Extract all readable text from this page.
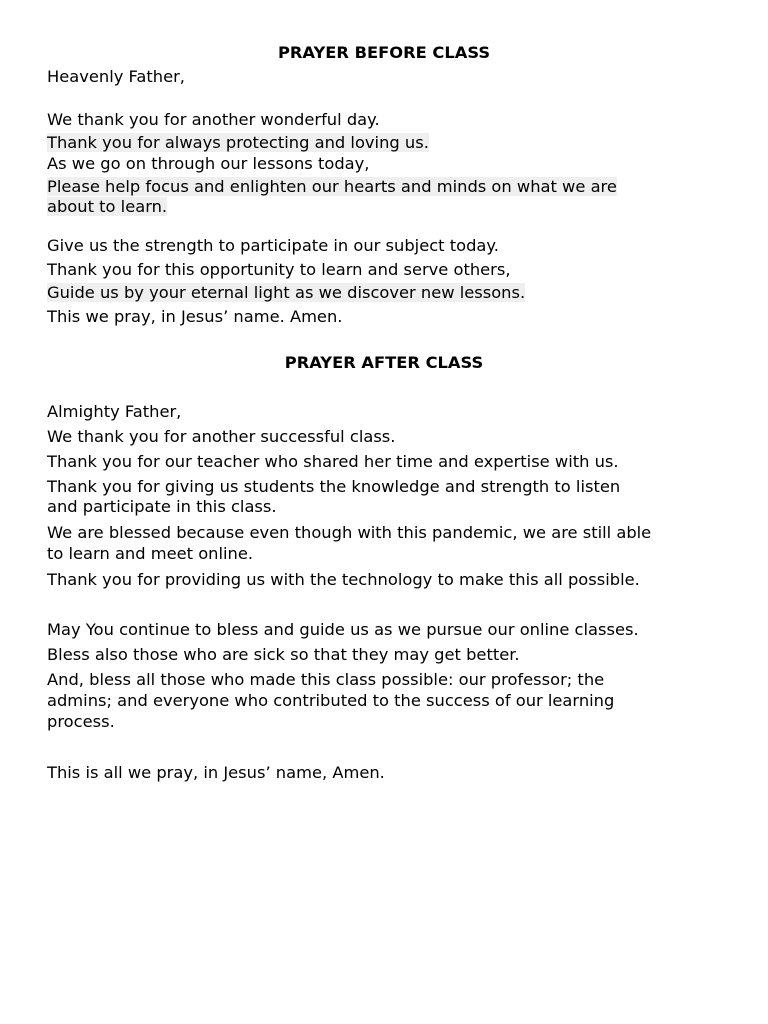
PRAYER BEFORE CLASS
Heavenly Father,
We thank you for another wonderful day.
Thank you for always protecting and loving us.
As we go on through our lessons today,
Please help focus and enlighten our hearts and minds on what we are
about to learn.
Give us the strength to participate in our subject today.
Thank you for this opportunity to learn and serve others,
Guide us by your eternal light as we discover new lessons.
This we pray, in Jesus’ name. Amen.
PRAYER AFTER CLASS
Almighty Father,
We thank you for another successful class.
Thank you for our teacher who shared her time and expertise with us.
Thank you for giving us students the knowledge and strength to listen
and participate in this class.
We are blessed because even though with this pandemic, we are still able
to learn and meet online.
Thank you for providing us with the technology to make this all possible.
May You continue to bless and guide us as we pursue our online classes.
Bless also those who are sick so that they may get better.
And, bless all those who made this class possible: our professor; the
admins; and everyone who contributed to the success of our learning
process.
This is all we pray, in Jesus’ name, Amen.
